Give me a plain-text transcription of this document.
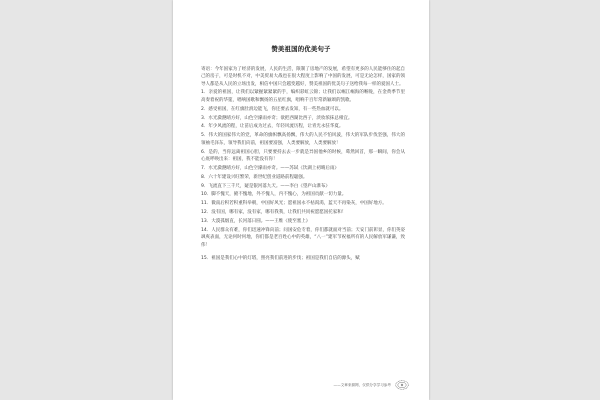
赞美祖国的优美句子

寄语：今年国家为了经济的发展，人民的生活，限制了房地产的发展，希望有更多的人民能够住的起自己的房子，可是时机不对，中美贸易大战也在很大程度上影响了中国的发展，可是无论怎样，国家的领导人都是从人民的立场出发，相信中国只会越变越好，赞美祖国的优美句子送给我每一样的爱国人士。

1．亲爱的祖国，让我们以紧握紧紧紧的手，编织彩虹云锦；让我们以崛江崛海的喉咙，在金黄季节里高奏着祝的华筵，唱响国歌和飘扬的五星红旗，唱响千百年常新颖颂的凯歌。

2．感受祖国，在红旗肚滑边能飞，你还要去发知，有一些热血就可以。

3．水光潋滟晴方好，山色空濛雨亦奇；欲把西湖比西子，淡妆浓抹总相宜。

4．年少风流的程，让苗后成为过去，年轻风流历程，让青光永驻华夏。

5．伟大的国家伟大的党，革命的旗帜飘高扬飘，伟大的人民不怕风波，伟大的军队步伐坚强，伟大的领袖毛泽东，领导我们向前，祖国要富强，人类要解放，人类要解放！

6．是的，当你远离祖国心胆，只要要持去去一步就是异国他乡的时候，蓦然回首，那一瞬间，你会从心底呼唤出来：祖国，我不能没有你！

7．水光潋滟晴方好，山色空濛雨亦奇。——苏轼《饮湖上初晴后雨》

8．六十年建设兴旺繁荣，新世纪创业道路前程聪强。

9．飞流直下三千尺，疑是银河落九天。——李白《望庐山瀑布》

10．脚不愧天，俯不愧地，外不愧人，内不愧心，为祖国贡献一切力量。

11．微南后积若积重科举朝，中国好风光；愿祖国永不枯渴渴，蓝天不再染灰，中国好地方。

12．没有国，哪有家，没有家，哪有我我，让我们共同祝愿愿国托家和！

13．大漠孤烟直，长河落日圆。——王维《使至塞上》

14．人民群众有难，你们迅速冲锋向前；问国安危专着，你们都就面对当前；天安门前彰显，你们英姿飒爽表面，无论何时何地，你们都是老百姓心中的英雄，“八一”建军节祝福所有的人民解放军谦谦，致伟！

15．祖国是我们心中的灯塔，照亮我们前进的步伐；祖国是我们自信的源头，赋

——文章来源网，仅供分享学习参考
